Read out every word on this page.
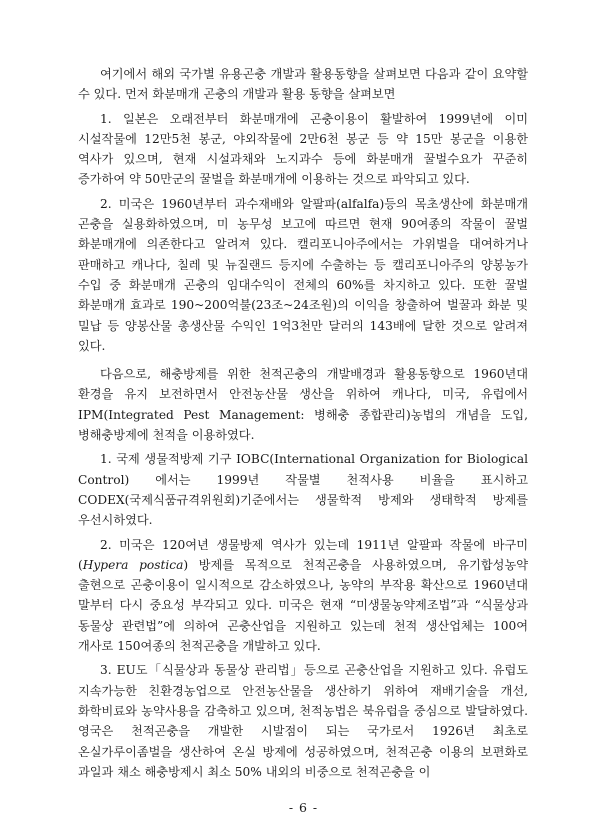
여기에서 해외 국가별 유용곤충 개발과 활용동향을 살펴보면 다음과 같이 요약할 수 있다. 먼저 화분매개 곤충의 개발과 활용 동향을 살펴보면

1. 일본은 오래전부터 화분매개에 곤충이용이 활발하여 1999년에 이미 시설작물에 12만5천 봉군, 야외작물에 2만6천 봉군 등 약 15만 봉군을 이용한 역사가 있으며, 현재 시설과채와 노지과수 등에 화분매개 꿀벌수요가 꾸준히 증가하여 약 50만군의 꿀벌을 화분매개에 이용하는 것으로 파악되고 있다.

2. 미국은 1960년부터 과수재배와 알팔파(alfalfa)등의 목초생산에 화분매개 곤충을 실용화하였으며, 미 농무성 보고에 따르면 현재 90여종의 작물이 꿀벌 화분매개에 의존한다고 알려져 있다. 캘리포니아주에서는 가위벌을 대여하거나 판매하고 캐나다, 칠레 및 뉴질랜드 등지에 수출하는 등 캘리포니아주의 양봉농가 수입 중 화분매개 곤충의 임대수익이 전체의 60%를 차지하고 있다. 또한 꿀벌 화분매개 효과로 190~200억불(23조~24조원)의 이익을 창출하여 벌꿀과 화분 및 밀납 등 양봉산물 총생산물 수익인 1억3천만 달러의 143배에 달한 것으로 알려져 있다.

다음으로, 해충방제를 위한 천적곤충의 개발배경과 활용동향으로 1960년대 환경을 유지 보전하면서 안전농산물 생산을 위하여 캐나다, 미국, 유럽에서 IPM(Integrated Pest Management: 병해충 종합관리)농법의 개념을 도입, 병해충방제에 천적을 이용하였다.

1. 국제 생물적방제 기구 IOBC(International Organization for Biological Control) 에서는 1999년 작물별 천적사용 비율을 표시하고 CODEX(국제식품규격위원회)기준에서는 생물학적 방제와 생태학적 방제를 우선시하였다.

2. 미국은 120여년 생물방제 역사가 있는데 1911년 알팔파 작물에 바구미(Hypera postica) 방제를 목적으로 천적곤충을 사용하였으며, 유기합성농약 출현으로 곤충이용이 일시적으로 감소하였으나, 농약의 부작용 확산으로 1960년대 말부터 다시 중요성 부각되고 있다. 미국은 현재 “미생물농약제조법”과 “식물상과 동물상 관련법”에 의하여 곤충산업을 지원하고 있는데 천적 생산업체는 100여 개사로 150여종의 천적곤충을 개발하고 있다.

3. EU도「식물상과 동물상 관리법」등으로 곤충산업을 지원하고 있다. 유럽도 지속가능한 친환경농업으로 안전농산물을 생산하기 위하여 재배기술을 개선, 화학비료와 농약사용을 감축하고 있으며, 천적농법은 북유럽을 중심으로 발달하였다. 영국은 천적곤충을 개발한 시발점이 되는 국가로서 1926년 최초로 온실가루이좀벌을 생산하여 온실 방제에 성공하였으며, 천적곤충 이용의 보편화로 과일과 채소 해충방제시 최소 50% 내외의 비중으로 천적곤충을 이

- 6 -
